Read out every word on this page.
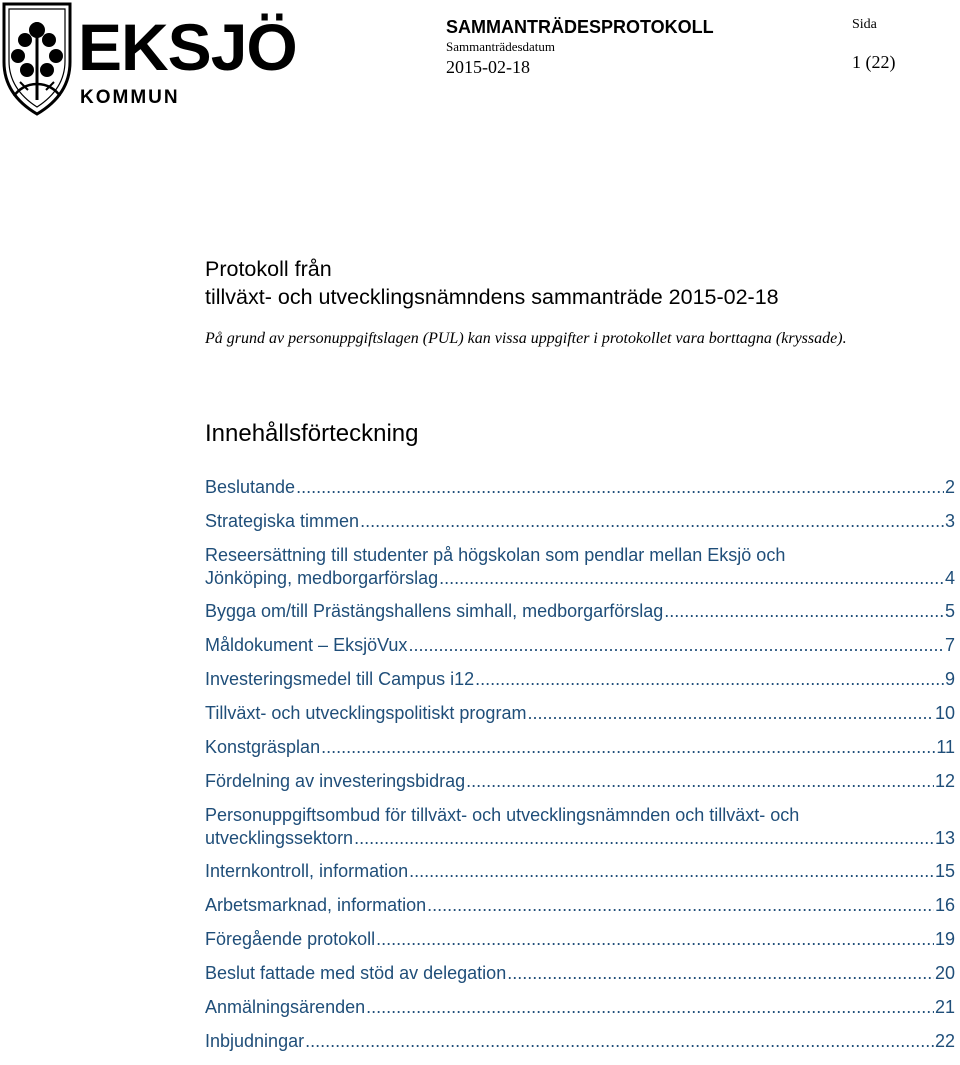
EKSJÖ
KOMMUN
SAMMANTRÄDESPROTOKOLL
Sammanträdesdatum
2015-02-18
Sida
1 (22)
Protokoll från
tillväxt- och utvecklingsnämndens sammanträde 2015-02-18
På grund av personuppgiftslagen (PUL) kan vissa uppgifter i protokollet vara borttagna (kryssade).
Innehållsförteckning
Beslutande .....	2
Strategiska timmen .....	3
Reseersättning till studenter på högskolan som pendlar mellan Eksjö och
Jönköping, medborgarförslag .....	4
Bygga om/till Prästängshallens simhall, medborgarförslag .....	5
Måldokument – EksjöVux .....	7
Investeringsmedel till Campus i12 .....	9
Tillväxt- och utvecklingspolitiskt program .....	10
Konstgräsplan .....	11
Fördelning av investeringsbidrag .....	12
Personuppgiftsombud för tillväxt- och utvecklingsnämnden och tillväxt- och
utvecklingssektorn .....	13
Internkontroll, information .....	15
Arbetsmarknad, information .....	16
Föregående protokoll .....	19
Beslut fattade med stöd av delegation .....	20
Anmälningsärenden .....	21
Inbjudningar .....	22
